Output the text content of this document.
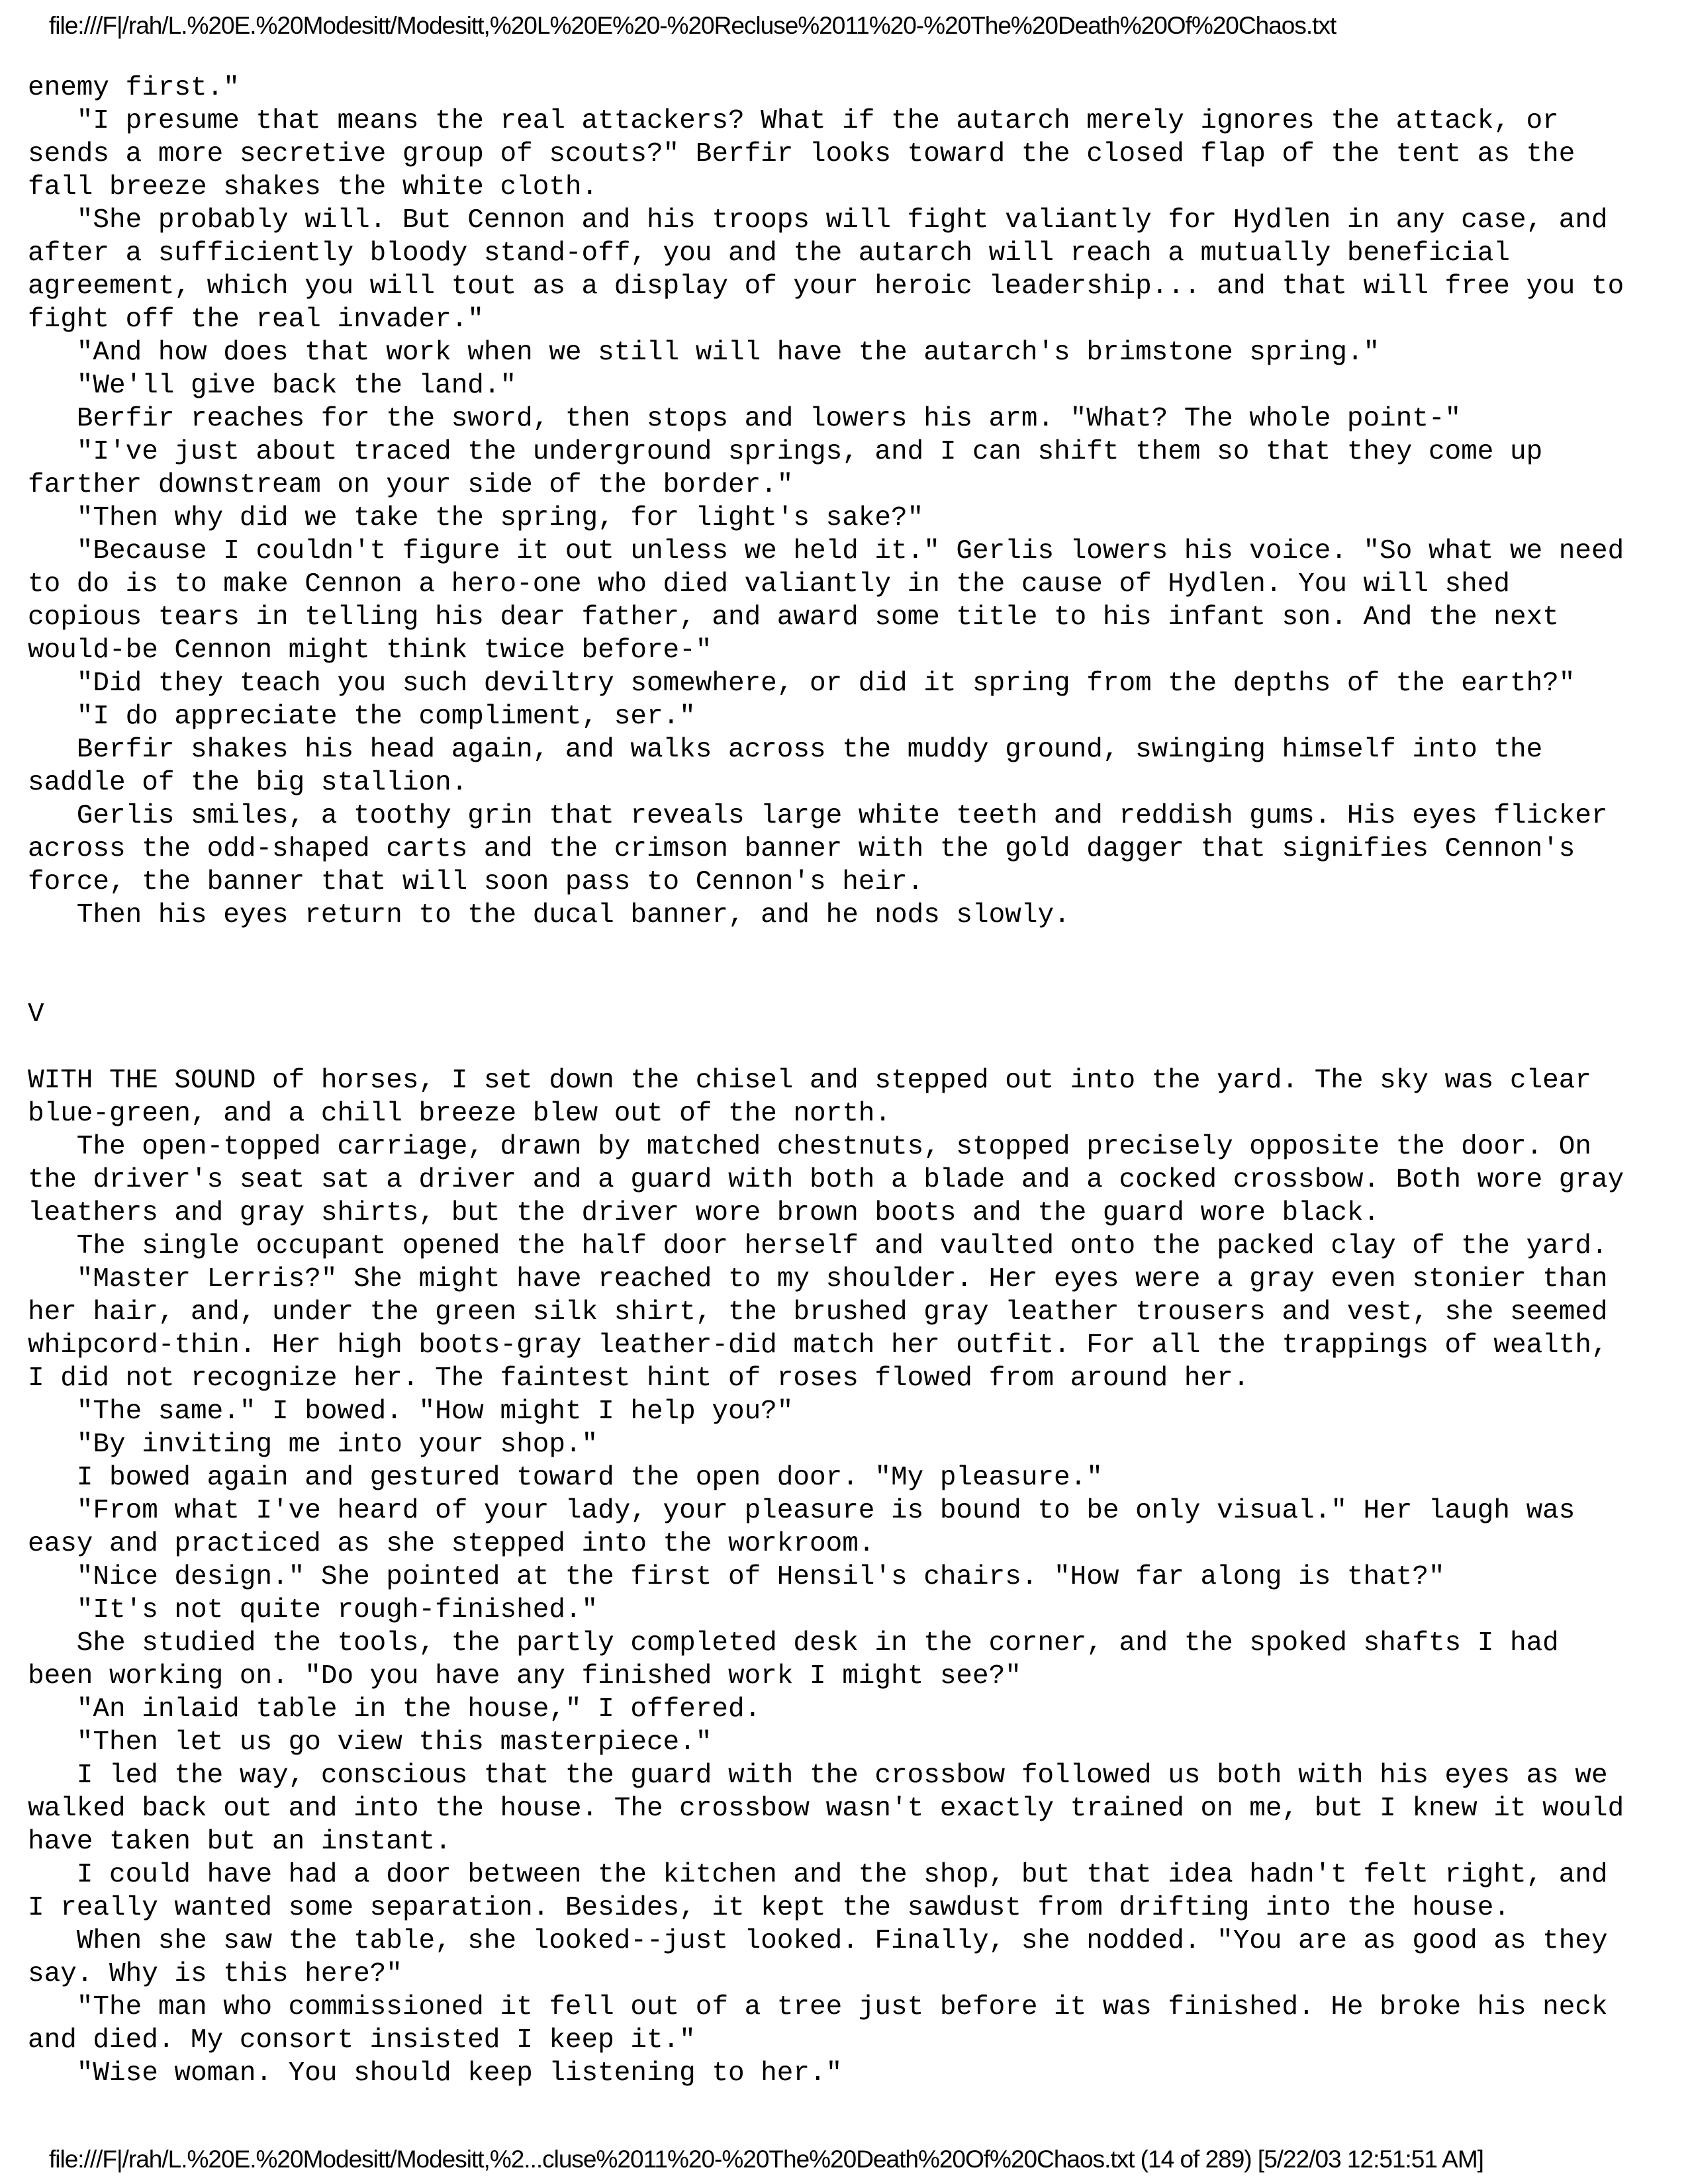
file:///F|/rah/L.%20E.%20Modesitt/Modesitt,%20L%20E%20-%20Recluse%2011%20-%20The%20Death%20Of%20Chaos.txt
enemy first."
"I presume that means the real attackers? What if the autarch merely ignores the attack, or
sends a more secretive group of scouts?" Berfir looks toward the closed flap of the tent as the
fall breeze shakes the white cloth.
"She probably will. But Cennon and his troops will fight valiantly for Hydlen in any case, and
after a sufficiently bloody stand-off, you and the autarch will reach a mutually beneficial
agreement, which you will tout as a display of your heroic leadership... and that will free you to
fight off the real invader."
"And how does that work when we still will have the autarch's brimstone spring."
"We'll give back the land."
Berfir reaches for the sword, then stops and lowers his arm. "What? The whole point-"
"I've just about traced the underground springs, and I can shift them so that they come up
farther downstream on your side of the border."
"Then why did we take the spring, for light's sake?"
"Because I couldn't figure it out unless we held it." Gerlis lowers his voice. "So what we need
to do is to make Cennon a hero-one who died valiantly in the cause of Hydlen. You will shed
copious tears in telling his dear father, and award some title to his infant son. And the next
would-be Cennon might think twice before-"
"Did they teach you such deviltry somewhere, or did it spring from the depths of the earth?"
"I do appreciate the compliment, ser."
Berfir shakes his head again, and walks across the muddy ground, swinging himself into the
saddle of the big stallion.
Gerlis smiles, a toothy grin that reveals large white teeth and reddish gums. His eyes flicker
across the odd-shaped carts and the crimson banner with the gold dagger that signifies Cennon's
force, the banner that will soon pass to Cennon's heir.
Then his eyes return to the ducal banner, and he nods slowly.
V
WITH THE SOUND of horses, I set down the chisel and stepped out into the yard. The sky was clear
blue-green, and a chill breeze blew out of the north.
The open-topped carriage, drawn by matched chestnuts, stopped precisely opposite the door. On
the driver's seat sat a driver and a guard with both a blade and a cocked crossbow. Both wore gray
leathers and gray shirts, but the driver wore brown boots and the guard wore black.
The single occupant opened the half door herself and vaulted onto the packed clay of the yard.
"Master Lerris?" She might have reached to my shoulder. Her eyes were a gray even stonier than
her hair, and, under the green silk shirt, the brushed gray leather trousers and vest, she seemed
whipcord-thin. Her high boots-gray leather-did match her outfit. For all the trappings of wealth,
I did not recognize her. The faintest hint of roses flowed from around her.
"The same." I bowed. "How might I help you?"
"By inviting me into your shop."
I bowed again and gestured toward the open door. "My pleasure."
"From what I've heard of your lady, your pleasure is bound to be only visual." Her laugh was
easy and practiced as she stepped into the workroom.
"Nice design." She pointed at the first of Hensil's chairs. "How far along is that?"
"It's not quite rough-finished."
She studied the tools, the partly completed desk in the corner, and the spoked shafts I had
been working on. "Do you have any finished work I might see?"
"An inlaid table in the house," I offered.
"Then let us go view this masterpiece."
I led the way, conscious that the guard with the crossbow followed us both with his eyes as we
walked back out and into the house. The crossbow wasn't exactly trained on me, but I knew it would
have taken but an instant.
I could have had a door between the kitchen and the shop, but that idea hadn't felt right, and
I really wanted some separation. Besides, it kept the sawdust from drifting into the house.
When she saw the table, she looked--just looked. Finally, she nodded. "You are as good as they
say. Why is this here?"
"The man who commissioned it fell out of a tree just before it was finished. He broke his neck
and died. My consort insisted I keep it."
"Wise woman. You should keep listening to her."
file:///F|/rah/L.%20E.%20Modesitt/Modesitt,%2...cluse%2011%20-%20The%20Death%20Of%20Chaos.txt (14 of 289) [5/22/03 12:51:51 AM]
